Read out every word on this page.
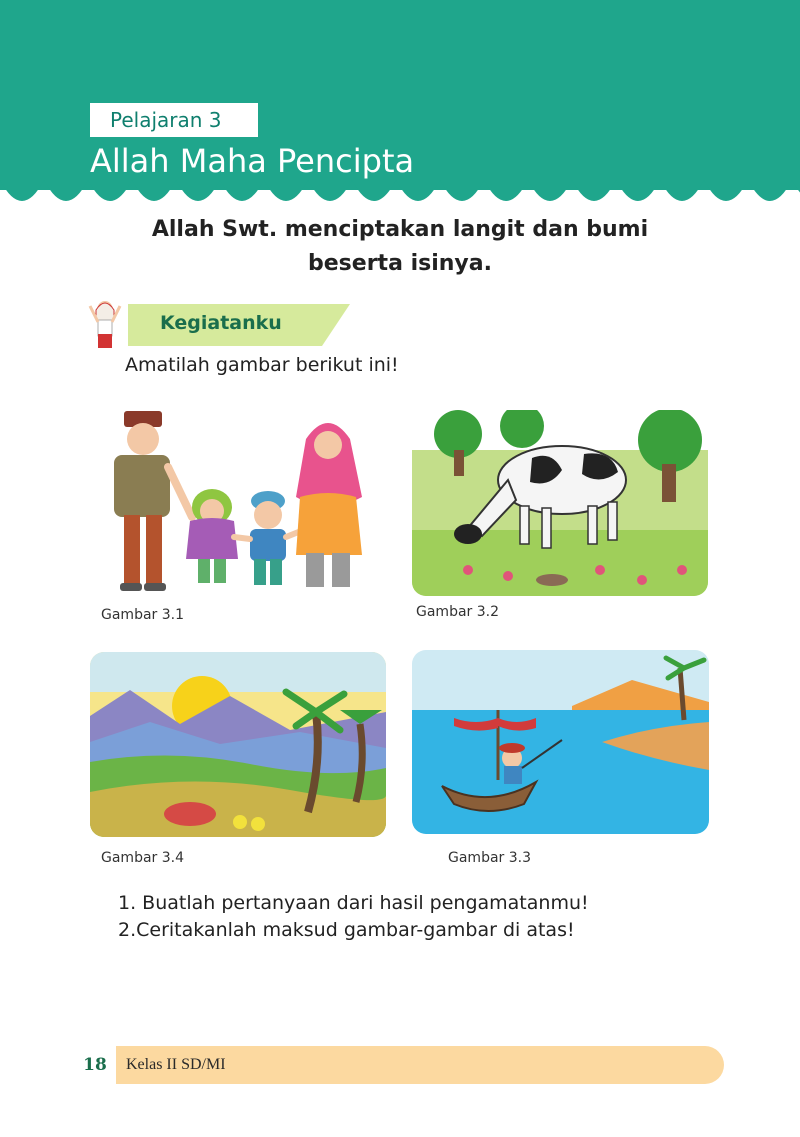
Pelajaran 3
Allah Maha Pencipta
Allah Swt. menciptakan langit dan bumi
beserta isinya.
Kegiatanku
Amatilah gambar berikut ini!
Gambar 3.1	Gambar 3.2
Gambar 3.4	Gambar 3.3
1. Buatlah pertanyaan dari hasil pengamatanmu!
2.Ceritakanlah maksud gambar-gambar di atas!
18	Kelas II SD/MI
